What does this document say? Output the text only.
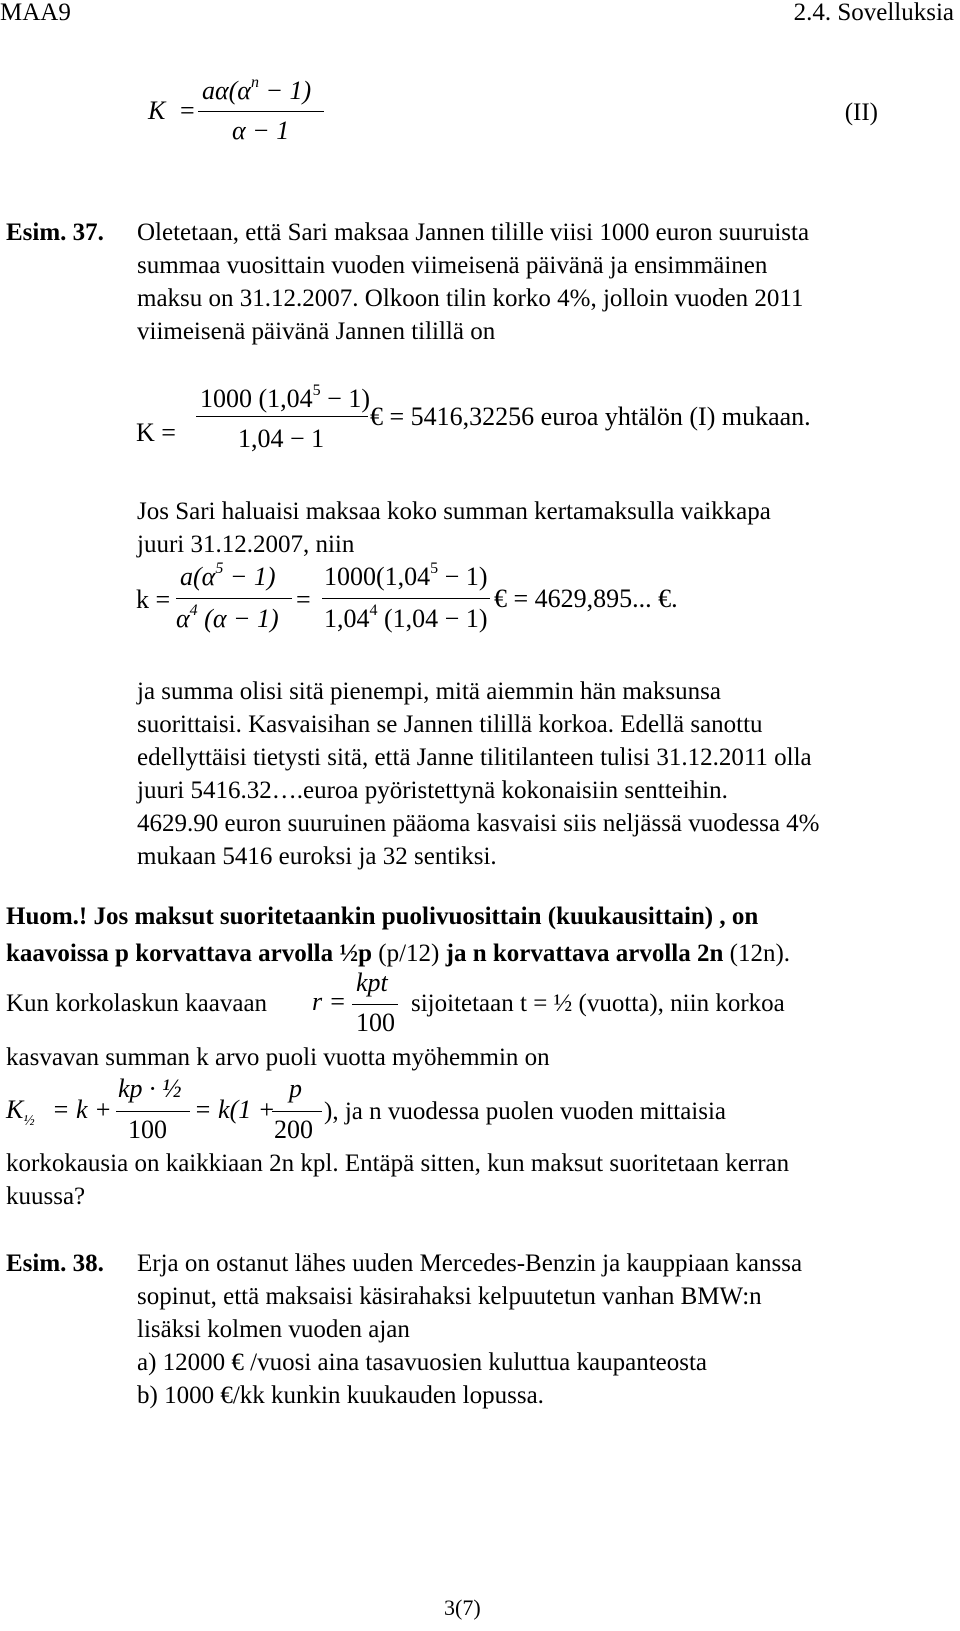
MAA9	2.4. Sovelluksia
K =
$a\alpha(\alpha^n - 1)$
α − 1
(II)
Esim. 37. Oletetaan, että Sari maksaa Jannen tilille viisi 1000 euron suuruista
summaa vuosittain vuoden viimeisenä päivänä ja ensimmäinen
maksu on 31.12.2007. Olkoon tilin korko 4%, jolloin vuoden 2011
viimeisenä päivänä Jannen tilillä on
K =
1000 $(1,04^5 - 1)$
1,04 − 1
€ = 5416,32256 euroa yhtälön (I) mukaan.
Jos Sari haluaisi maksaa koko summan kertamaksulla vaikkapa
juuri 31.12.2007, niin
k =
$a(\alpha^5 - 1)$
$\alpha^4$ (α − 1)
=
$1000(1,04^5 - 1)$
1,04$^4$ (1,04 − 1)
€ = 4629,895... €.
ja summa olisi sitä pienempi, mitä aiemmin hän maksunsa
suorittaisi. Kasvaisihan se Jannen tilillä korkoa. Edellä sanottu
edellyttäisi tietysti sitä, että Janne tilitilanteen tulisi 31.12.2011 olla
juuri 5416.32….euroa pyöristettynä kokonaisiin sentteihin.
4629.90 euron suuruinen pääoma kasvaisi siis neljässä vuodessa 4%
mukaan 5416 euroksi ja 32 sentiksi.
Huom.! Jos maksut suoritetaankin puolivuosittain (kuukausittain) , on
kaavoissa p korvattava arvolla ½p (p/12) ja n korvattava arvolla 2n (12n).
Kun korkolaskun kaavaan r =
kpt
100
sijoitetaan t = ½ (vuotta), niin korkoa
kasvavan summan k arvo puoli vuotta myöhemmin on
$K_{\frac{1}{2}} = k$ +
kp · ½
100
= k(1 +
p
200
), ja n vuodessa puolen vuoden mittaisia
korkokausia on kaikkiaan 2n kpl. Entäpä sitten, kun maksut suoritetaan kerran
kuussa?
Esim. 38. Erja on ostanut lähes uuden Mercedes-Benzin ja kauppiaan kanssa
sopinut, että maksaisi käsirahaksi kelpuutetun vanhan BMW:n
lisäksi kolmen vuoden ajan
a) 12000 € /vuosi aina tasavuosien kuluttua kaupanteosta
b) 1000 €/kk kunkin kuukauden lopussa.
3(7)
